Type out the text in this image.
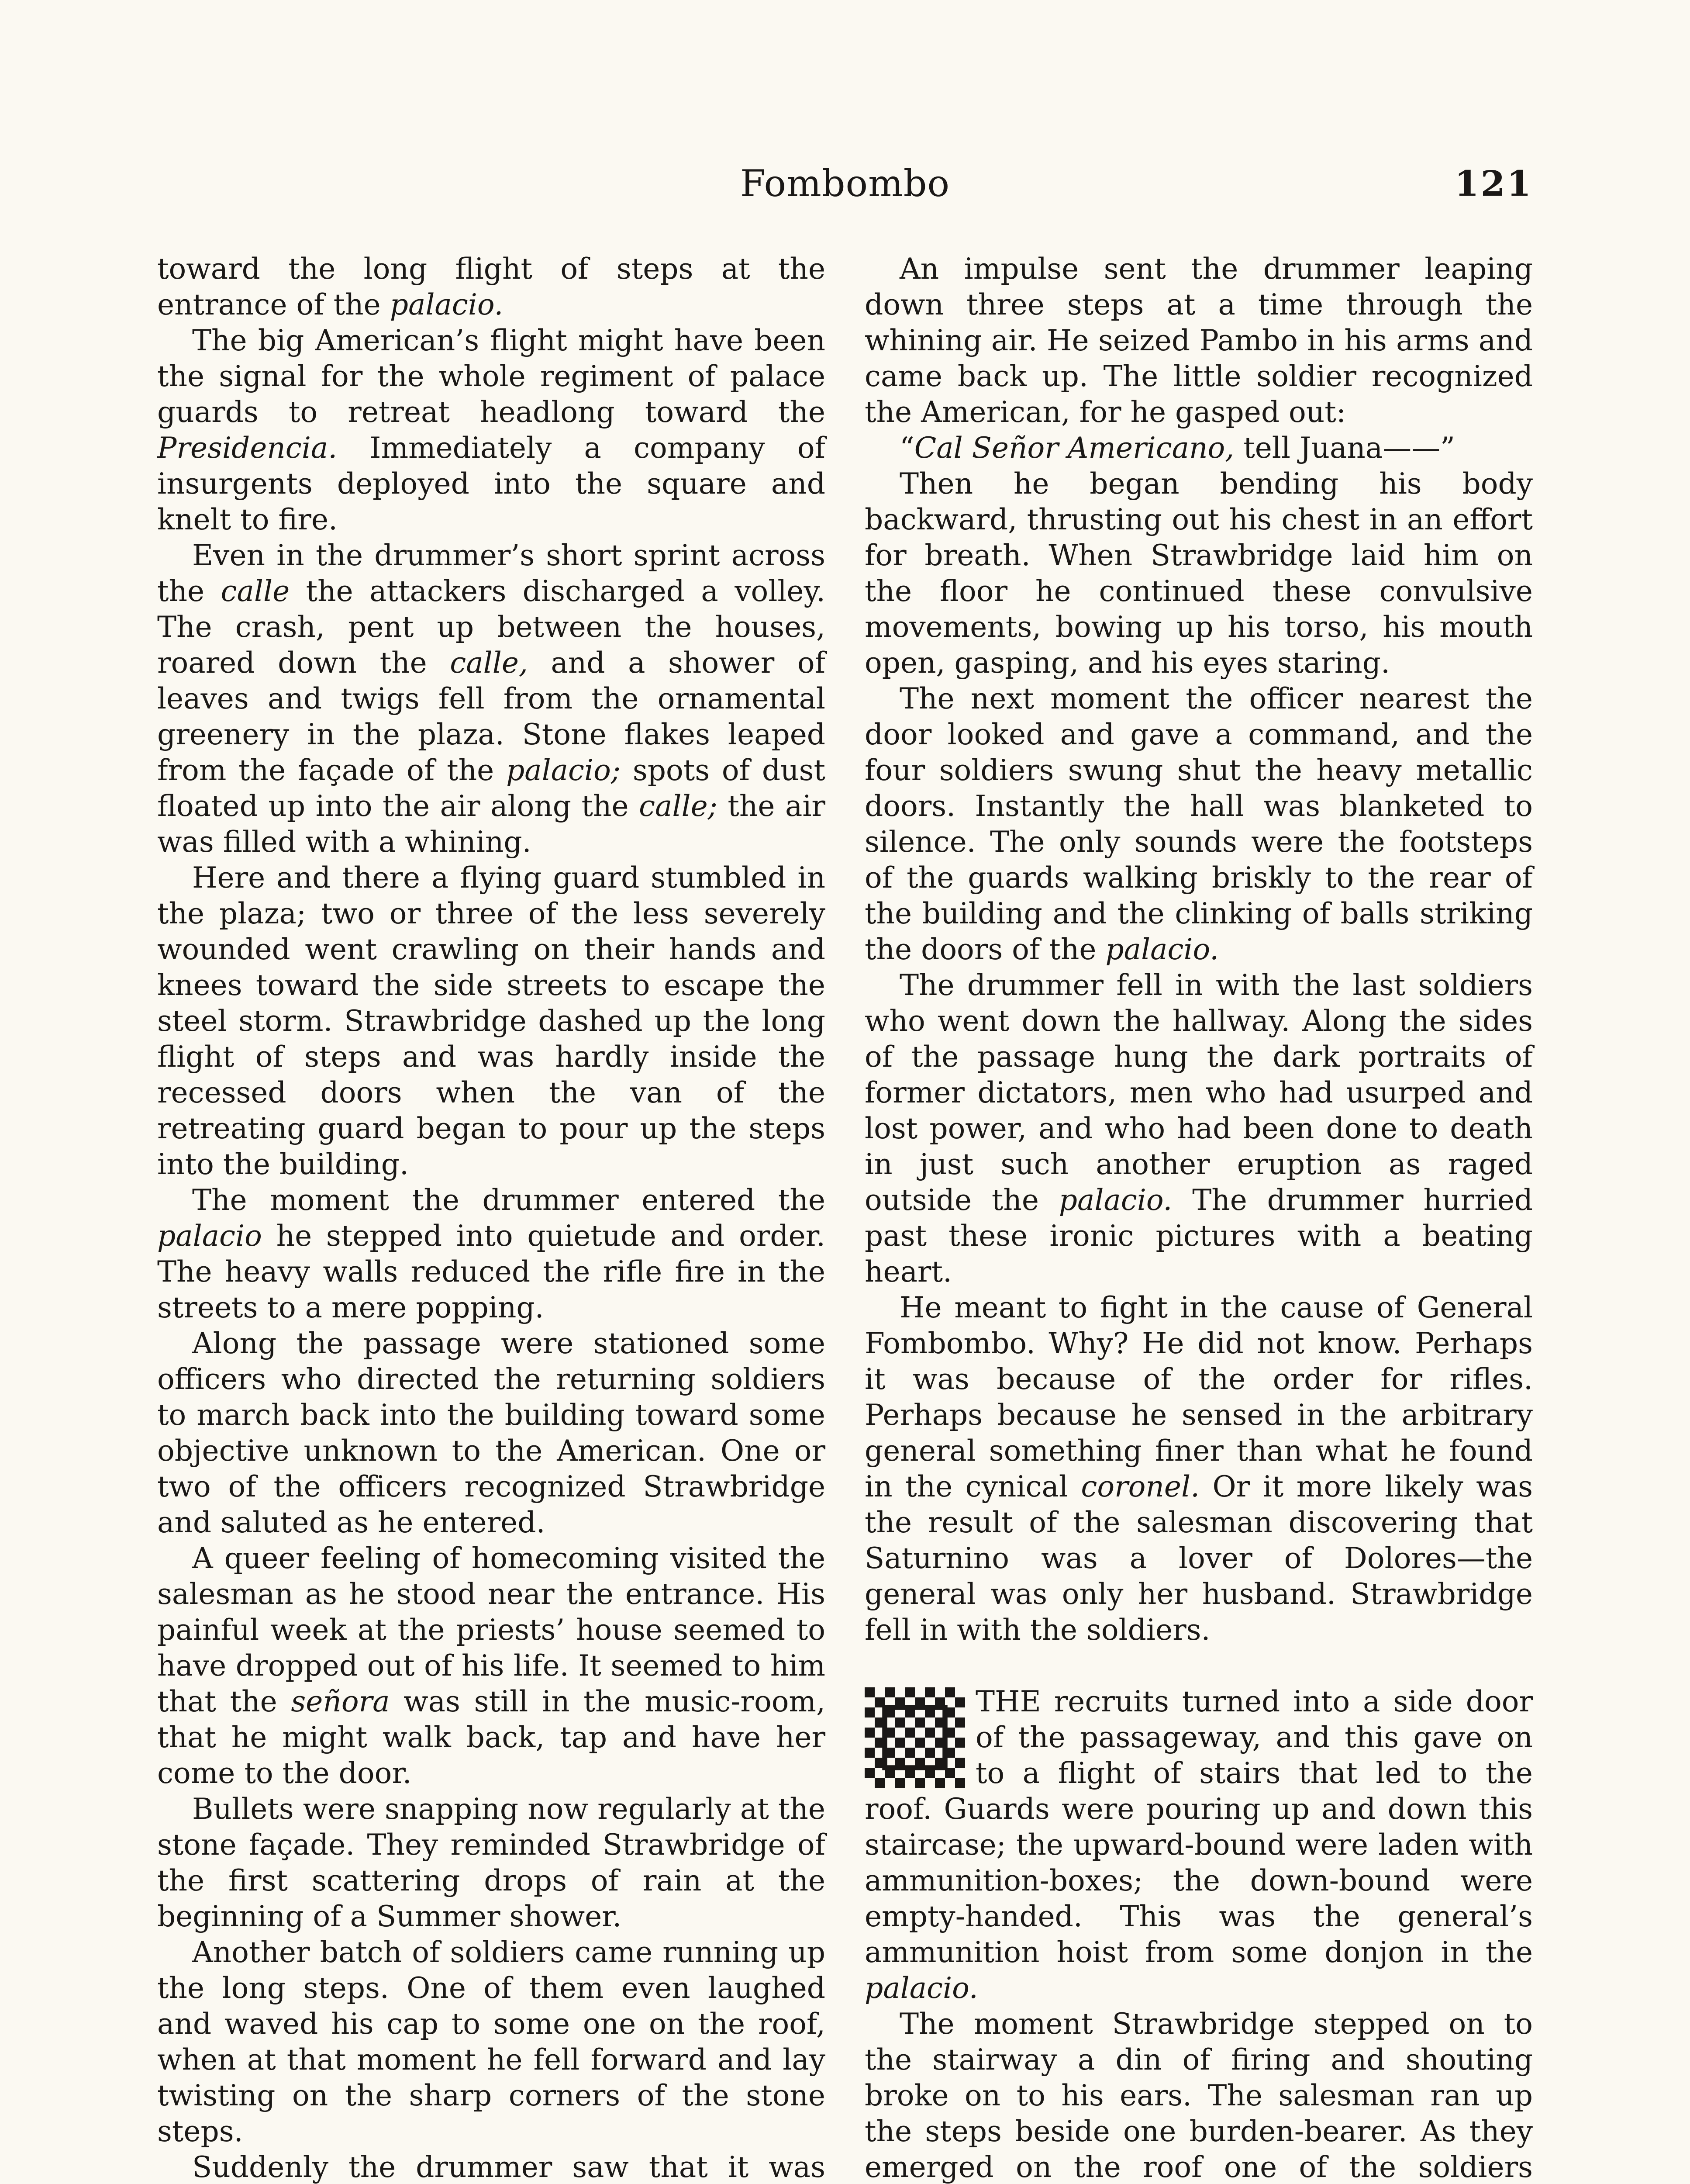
Fombombo	121

toward the long flight of steps at the entrance of the palacio.

The big American’s flight might have been the signal for the whole regiment of palace guards to retreat headlong toward the Presidencia. Immediately a company of insurgents deployed into the square and knelt to fire.

Even in the drummer’s short sprint across the calle the attackers discharged a volley. The crash, pent up between the houses, roared down the calle, and a shower of leaves and twigs fell from the ornamental greenery in the plaza. Stone flakes leaped from the façade of the palacio; spots of dust floated up into the air along the calle; the air was filled with a whining.

Here and there a flying guard stumbled in the plaza; two or three of the less severely wounded went crawling on their hands and knees toward the side streets to escape the steel storm. Strawbridge dashed up the long flight of steps and was hardly inside the recessed doors when the van of the retreating guard began to pour up the steps into the building.

The moment the drummer entered the palacio he stepped into quietude and order. The heavy walls reduced the rifle fire in the streets to a mere popping.

Along the passage were stationed some officers who directed the returning soldiers to march back into the building toward some objective unknown to the American. One or two of the officers recognized Strawbridge and saluted as he entered.

A queer feeling of homecoming visited the salesman as he stood near the entrance. His painful week at the priests’ house seemed to have dropped out of his life. It seemed to him that the señora was still in the music-room, that he might walk back, tap and have her come to the door.

Bullets were snapping now regularly at the stone façade. They reminded Strawbridge of the first scattering drops of rain at the beginning of a Summer shower.

Another batch of soldiers came running up the long steps. One of them even laughed and waved his cap to some one on the roof, when at that moment he fell forward and lay twisting on the sharp corners of the stone steps.

Suddenly the drummer saw that it was

An impulse sent the drummer leaping down three steps at a time through the whining air. He seized Pambo in his arms and came back up. The little soldier recognized the American, for he gasped out:

“Cal Señor Americano, tell Juana——”

Then he began bending his body backward, thrusting out his chest in an effort for breath. When Strawbridge laid him on the floor he continued these convulsive movements, bowing up his torso, his mouth open, gasping, and his eyes staring.

The next moment the officer nearest the door looked and gave a command, and the four soldiers swung shut the heavy metallic doors. Instantly the hall was blanketed to silence. The only sounds were the footsteps of the guards walking briskly to the rear of the building and the clinking of balls striking the doors of the palacio.

The drummer fell in with the last soldiers who went down the hallway. Along the sides of the passage hung the dark portraits of former dictators, men who had usurped and lost power, and who had been done to death in just such another eruption as raged outside the palacio. The drummer hurried past these ironic pictures with a beating heart.

He meant to fight in the cause of General Fombombo. Why? He did not know. Perhaps it was because of the order for rifles. Perhaps because he sensed in the arbitrary general something finer than what he found in the cynical coronel. Or it more likely was the result of the salesman discovering that Saturnino was a lover of Dolores—the general was only her husband. Strawbridge fell in with the soldiers.

THE recruits turned into a side door of the passageway, and this gave on to a flight of stairs that led to the roof. Guards were pouring up and down this staircase; the upward-bound were laden with ammunition-boxes; the down-bound were empty-handed. This was the general’s ammunition hoist from some donjon in the palacio.

The moment Strawbridge stepped on to the stairway a din of firing and shouting broke on to his ears. The salesman ran up the steps beside one burden-bearer. As they emerged on the roof one of the soldiers
